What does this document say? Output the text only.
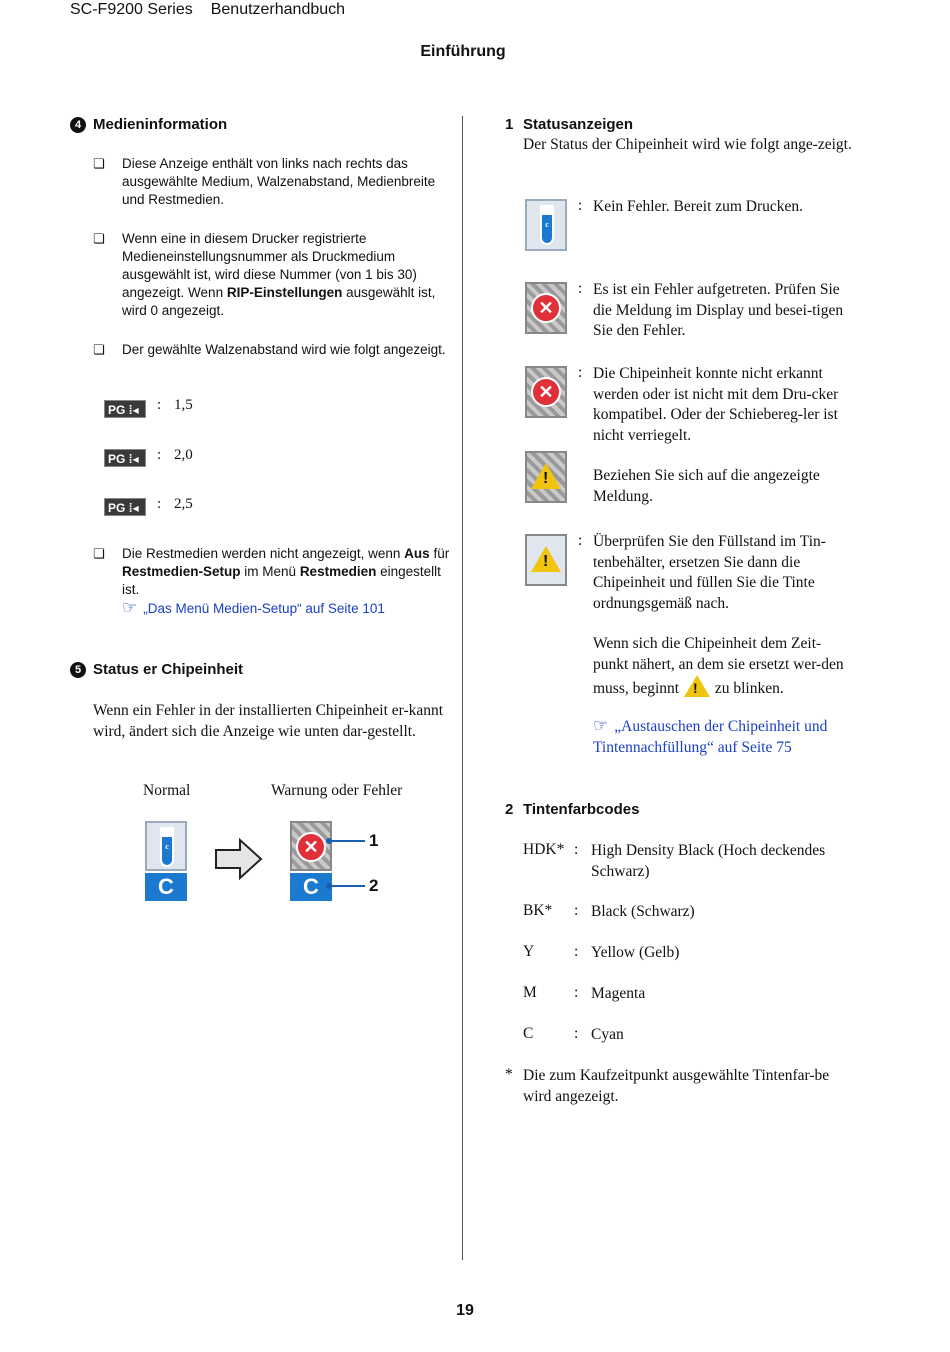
SC-F9200 Series Benutzerhandbuch
Einführung
4 Medieninformation
❏ Diese Anzeige enthält von links nach rechts das ausgewählte Medium, Walzenabstand, Medienbreite und Restmedien.
❏ Wenn eine in diesem Drucker registrierte Medieneinstellungsnummer als Druckmedium ausgewählt ist, wird diese Nummer (von 1 bis 30) angezeigt. Wenn RIP-Einstellungen ausgewählt ist, wird 0 angezeigt.
❏ Der gewählte Walzenabstand wird wie folgt angezeigt.
PG ⁞◂	: 1,5
PG ⁞◂	: 2,0
PG ⁞◂	: 2,5
❏ Die Restmedien werden nicht angezeigt, wenn Aus für Restmedien-Setup im Menü Restmedien eingestellt ist.
☞ „Das Menü Medien-Setup“ auf Seite 101
5 Status er Chipeinheit
Wenn ein Fehler in der installierten Chipeinheit er-kannt wird, ändert sich die Anzeige wie unten dar-gestellt.
Normal	Warnung oder Fehler
c
C
✕
C
1
2
1 Statusanzeigen
Der Status der Chipeinheit wird wie folgt ange-zeigt.
c
: Kein Fehler. Bereit zum Drucken.
✕
: Es ist ein Fehler aufgetreten. Prüfen Sie die Meldung im Display und besei-tigen Sie den Fehler.
✕
: Die Chipeinheit konnte nicht erkannt werden oder ist nicht mit dem Dru-cker kompatibel. Oder der Schiebereg-ler ist nicht verriegelt.
!	Beziehen Sie sich auf die angezeigte Meldung.
!
: Überprüfen Sie den Füllstand im Tin-tenbehälter, ersetzen Sie dann die Chipeinheit und füllen Sie die Tinte ordnungsgemäß nach.
Wenn sich die Chipeinheit dem Zeit-punkt nähert, an dem sie ersetzt wer-den muss, beginnt ! zu blinken.
☞ „Austauschen der Chipeinheit und Tintennachfüllung“ auf Seite 75
2 Tintenfarbcodes
HDK* : High Density Black (Hoch deckendes Schwarz)
BK* : Black (Schwarz)
Y	: Yellow (Gelb)
M : Magenta
C	: Cyan
* Die zum Kaufzeitpunkt ausgewählte Tintenfar-be wird angezeigt.
19
